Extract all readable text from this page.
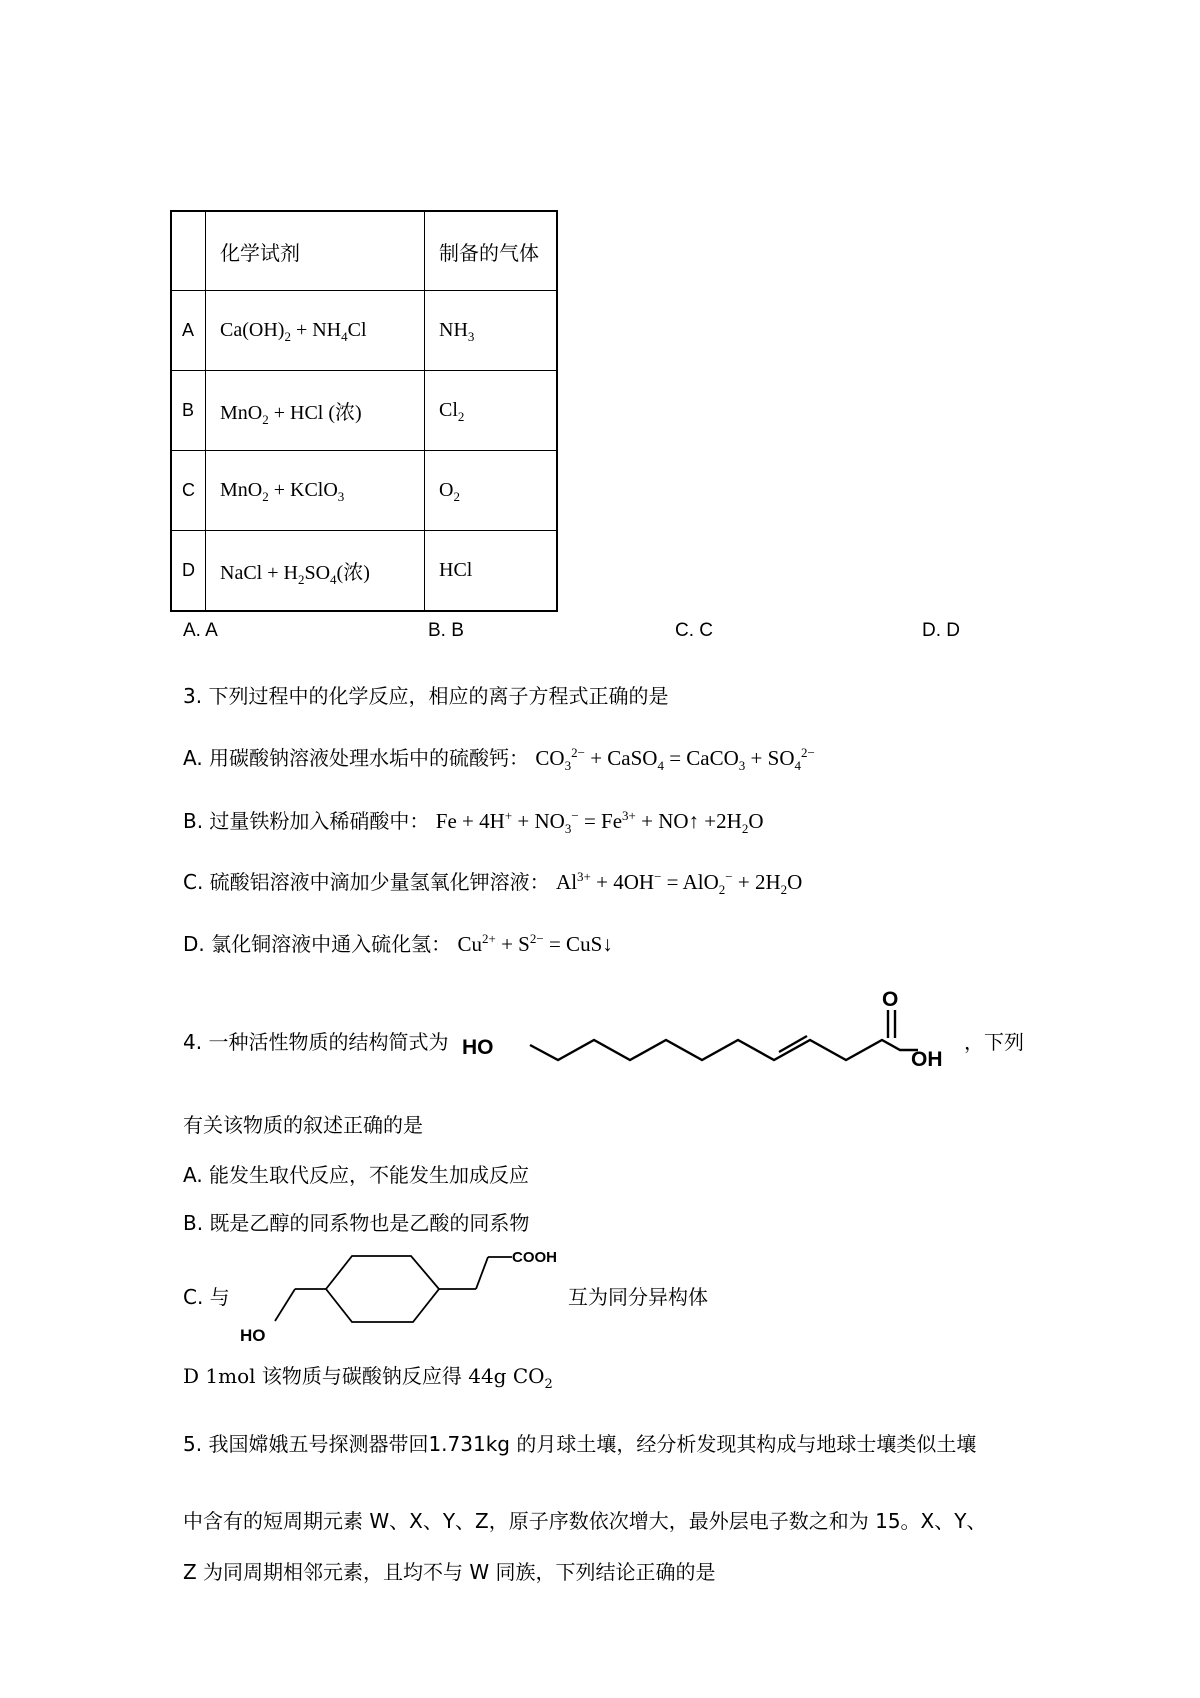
	化学试剂	制备的气体
A	$Ca(OH)_2 + NH_4Cl$	$NH_3$
B	MnO$_2$ + HCl (浓)	$Cl_2$
C	MnO$_2$ + KClO$_3$	$O_2$
D	NaCl + $H_2SO_4$(浓)	HCl
A. A	B. B	C. C	D. D
3. 下列过程中的化学反应，相应的离子方程式正确的是
A. 用碳酸钠溶液处理水垢中的硫酸钙： $CO_3^{2-}$ + CaSO$_4$ = CaCO$_3$ + $SO_4^{2-}$
B. 过量铁粉加入稀硝酸中： $Fe + 4H^+ + NO_3^- = Fe^{3+}$ + NO↑ $+2H_2O$
C. 硫酸铝溶液中滴加少量氢氧化钾溶液： $Al^{3+} + 4OH^- = AlO_2^- + 2H_2O$
D. 氯化铜溶液中通入硫化氢： $Cu^{2+} + S^{2-}$ = CuS↓
4. 一种活性物质的结构简式为 HO
O
OH
，下列
有关该物质的叙述正确的是
A. 能发生取代反应，不能发生加成反应
B. 既是乙醇的同系物也是乙酸的同系物
C. 与
HO
COOH
互为同分异构体
D 1mol 该物质与碳酸钠反应得 44g $CO_2$
5. 我国嫦娥五号探测器带回1.731kg 的月球土壤，经分析发现其构成与地球士壤类似土壤
中含有的短周期元素 W、X、Y、Z，原子序数依次增大，最外层电子数之和为 15。X、Y、
Z 为同周期相邻元素，且均不与 W 同族，下列结论正确的是
